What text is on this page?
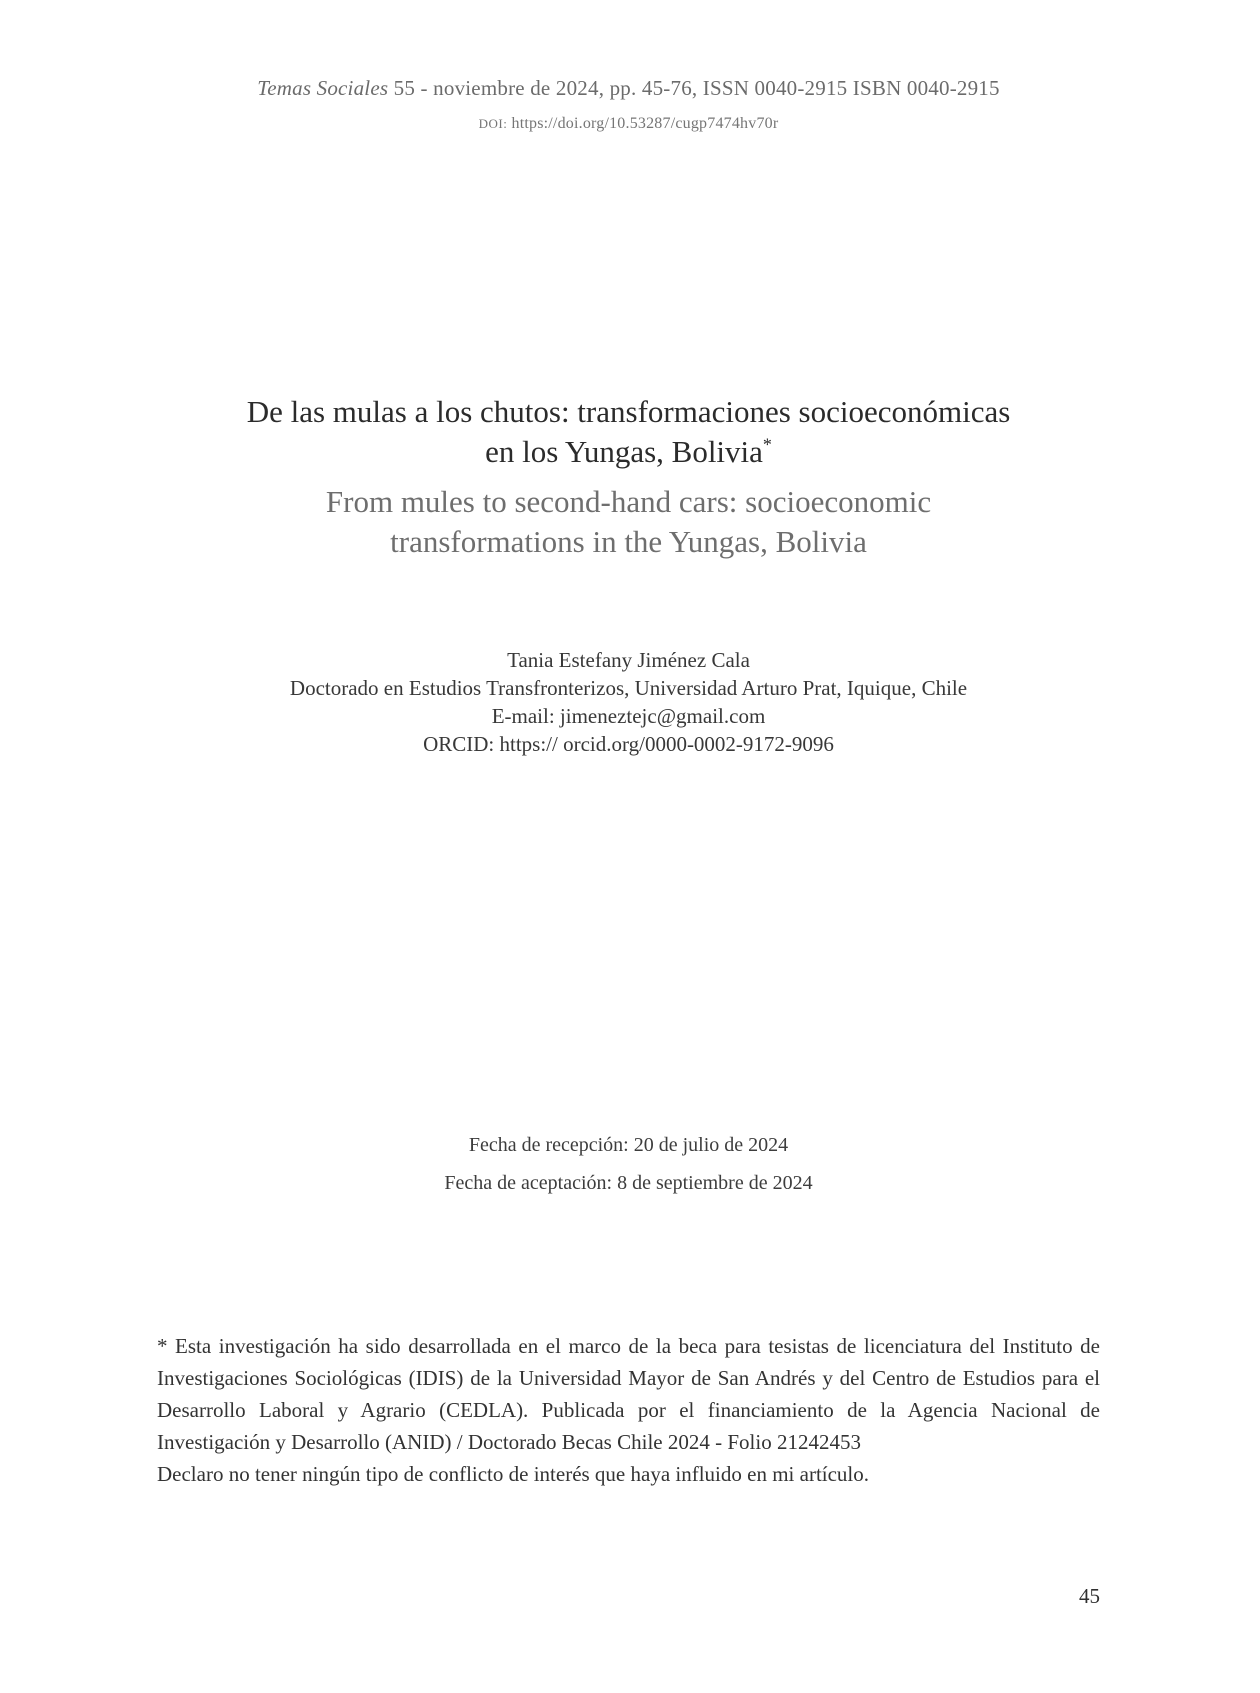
Temas Sociales 55 - noviembre de 2024, pp. 45-76, ISSN 0040-2915 ISBN 0040-2915
DOI: https://doi.org/10.53287/cugp7474hv70r
De las mulas a los chutos: transformaciones socioeconómicas
en los Yungas, Bolivia*
From mules to second-hand cars: socioeconomic
transformations in the Yungas, Bolivia
Tania Estefany Jiménez Cala
Doctorado en Estudios Transfronterizos, Universidad Arturo Prat, Iquique, Chile
E-mail: jimeneztejc@gmail.com
ORCID: https:// orcid.org/0000-0002-9172-9096
Fecha de recepción: 20 de julio de 2024
Fecha de aceptación: 8 de septiembre de 2024

* Esta investigación ha sido desarrollada en el marco de la beca para tesistas de licenciatura del Instituto de Investigaciones Sociológicas (IDIS) de la Universidad Mayor de San Andrés y del Centro de Estudios para el Desarrollo Laboral y Agrario (CEDLA). Publicada por el financiamiento de la Agencia Nacional de Investigación y Desarrollo (ANID) / Doctorado Becas Chile 2024 - Folio 21242453

Declaro no tener ningún tipo de conflicto de interés que haya influido en mi artículo.

45
